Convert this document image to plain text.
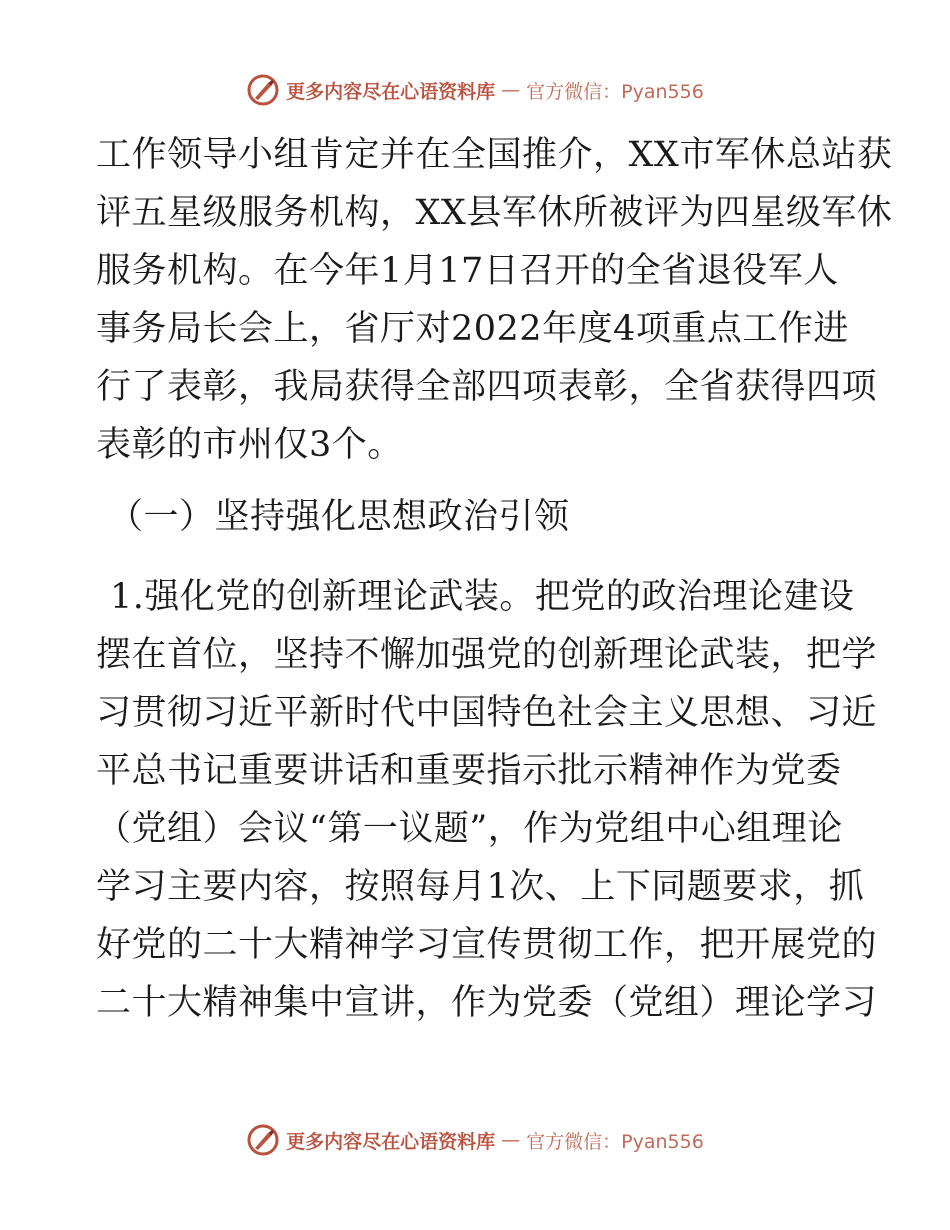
更多内容尽在心语资料库 — 官方微信：Pyan556
工作领导小组肯定并在全国推介，XX市军休总站获
评五星级服务机构，XX县军休所被评为四星级军休
服务机构。在今年1月17日召开的全省退役军人
事务局长会上，省厅对2022年度4项重点工作进
行了表彰，我局获得全部四项表彰，全省获得四项
表彰的市州仅3个。
（一）坚持强化思想政治引领
1.强化党的创新理论武装。把党的政治理论建设
摆在首位，坚持不懈加强党的创新理论武装，把学
习贯彻习近平新时代中国特色社会主义思想、习近
平总书记重要讲话和重要指示批示精神作为党委
（党组）会议“第一议题”，作为党组中心组理论
学习主要内容，按照每月1次、上下同题要求，抓
好党的二十大精神学习宣传贯彻工作，把开展党的
二十大精神集中宣讲，作为党委（党组）理论学习
更多内容尽在心语资料库 — 官方微信：Pyan556
